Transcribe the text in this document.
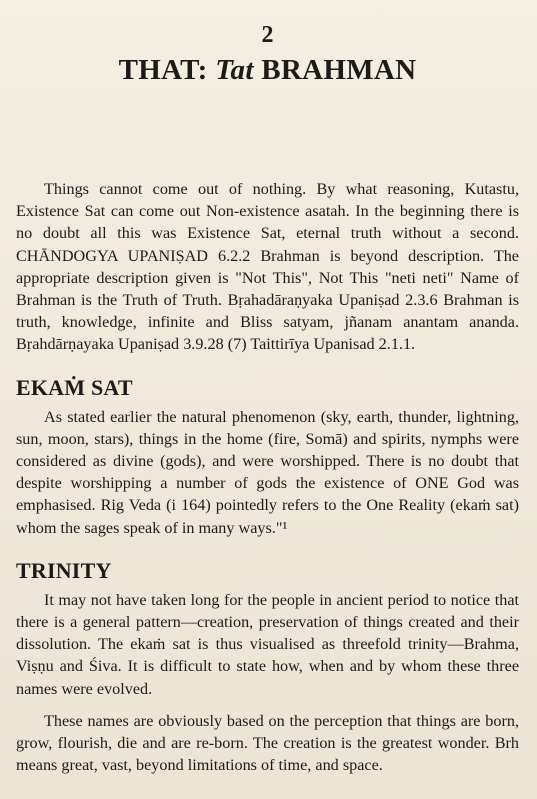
2
THAT: Tat BRAHMAN

Things cannot come out of nothing. By what reasoning, Kutastu, Existence Sat can come out Non-existence asatah. In the beginning there is no doubt all this was Existence Sat, eternal truth without a second. CHĀNDOGYA UPANIṢAD 6.2.2 Brahman is beyond description. The appropriate description given is "Not This", Not This "neti neti" Name of Brahman is the Truth of Truth. Bṛahadāraṇyaka Upaniṣad 2.3.6 Brahman is truth, knowledge, infinite and Bliss satyam, jñanam anantam ananda. Bṛahdārṇayaka Upaniṣad 3.9.28 (7) Taittirīya Upanisad 2.1.1.

EKAṀ SAT

As stated earlier the natural phenomenon (sky, earth, thunder, lightning, sun, moon, stars), things in the home (fire, Somā) and spirits, nymphs were considered as divine (gods), and were worshipped. There is no doubt that despite worshipping a number of gods the existence of ONE God was emphasised. Rig Veda (i 164) pointedly refers to the One Reality (ekaṁ sat) whom the sages speak of in many ways."¹

TRINITY

It may not have taken long for the people in ancient period to notice that there is a general pattern—creation, preservation of things created and their dissolution. The ekaṁ sat is thus visualised as threefold trinity—Brahma, Viṣṇu and Śiva. It is difficult to state how, when and by whom these three names were evolved.

These names are obviously based on the perception that things are born, grow, flourish, die and are re-born. The creation is the greatest wonder. Brh means great, vast, beyond limitations of time, and space.
